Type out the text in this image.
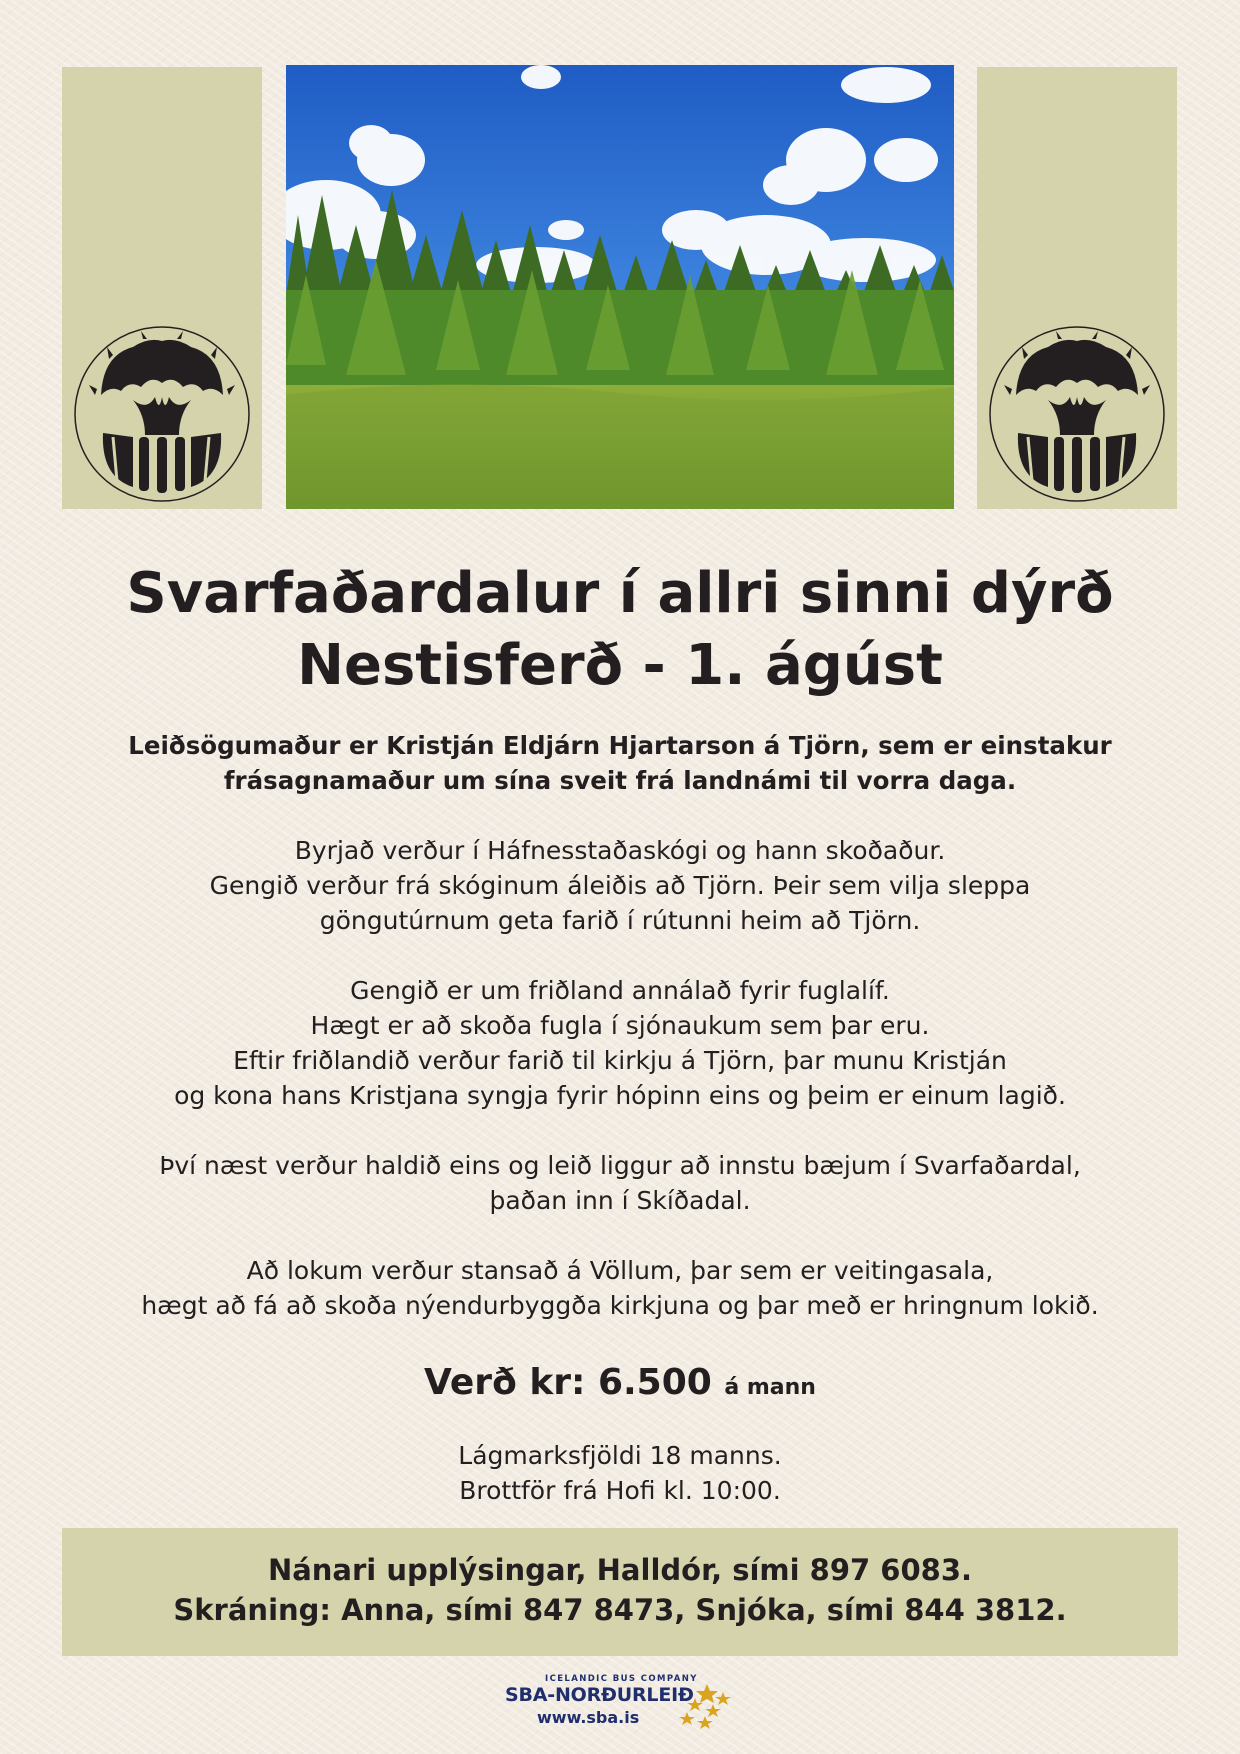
Svarfaðardalur í allri sinni dýrð
Nestisferð - 1. ágúst
Leiðsögumaður er Kristján Eldjárn Hjartarson á Tjörn, sem er einstakur
frásagnamaður um sína sveit frá landnámi til vorra daga.
Byrjað verður í Háfnesstaðaskógi og hann skoðaður.
Gengið verður frá skóginum áleiðis að Tjörn. Þeir sem vilja sleppa
göngutúrnum geta farið í rútunni heim að Tjörn.
Gengið er um friðland annálað fyrir fuglalíf.
Hægt er að skoða fugla í sjónaukum sem þar eru.
Eftir friðlandið verður farið til kirkju á Tjörn, þar munu Kristján
og kona hans Kristjana syngja fyrir hópinn eins og þeim er einum lagið.
Því næst verður haldið eins og leið liggur að innstu bæjum í Svarfaðardal,
þaðan inn í Skíðadal.
Að lokum verður stansað á Völlum, þar sem er veitingasala,
hægt að fá að skoða nýendurbyggða kirkjuna og þar með er hringnum lokið.
Verð kr: 6.500 á mann
Lágmarksfjöldi 18 manns.
Brottför frá Hofi kl. 10:00.
Nánari upplýsingar, Halldór, sími 897 6083.
Skráning: Anna, sími 847 8473, Snjóka, sími 844 3812.
ICELANDIC BUS COMPANY
SBA-NORÐURLEIÐ
www.sba.is
